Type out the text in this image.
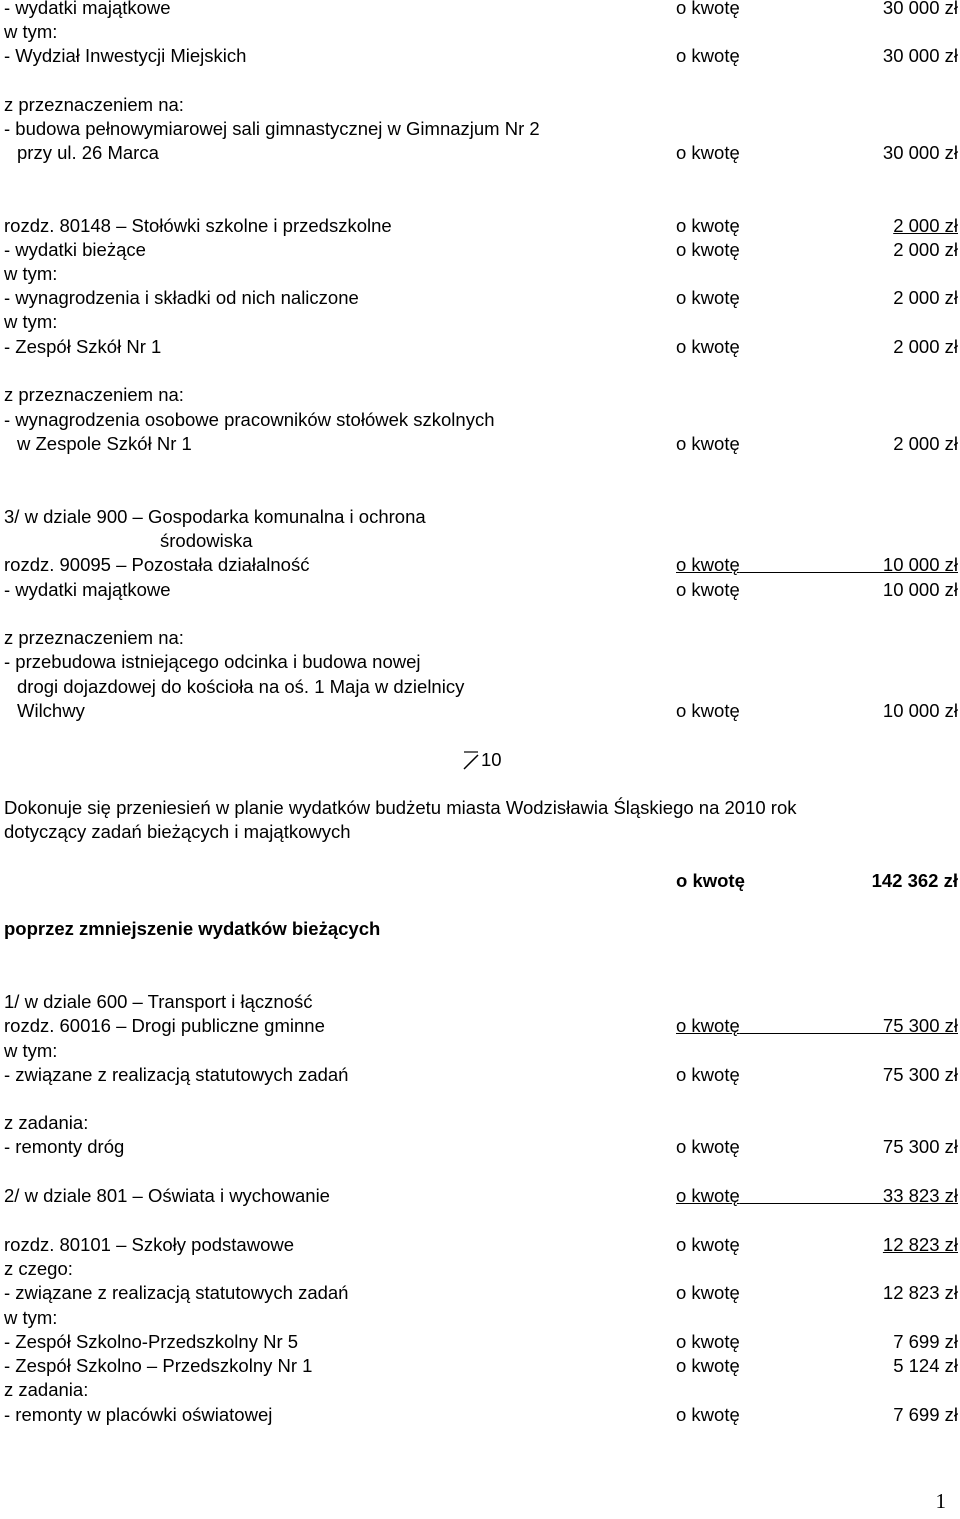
- wydatki majątkowe	o kwotę	30 000 zł
w tym:
- Wydział Inwestycji Miejskich	o kwotę	30 000 zł
z przeznaczeniem na:
- budowa pełnowymiarowej sali gimnastycznej w Gimnazjum Nr 2
przy ul. 26 Marca	o kwotę	30 000 zł
rozdz. 80148 ‒ Stołówki szkolne i przedszkolne	o kwotę	2 000 zł
- wydatki bieżące	o kwotę	2 000 zł
w tym:
- wynagrodzenia i składki od nich naliczone	o kwotę	2 000 zł
w tym:
- Zespół Szkół Nr 1	o kwotę	2 000 zł
z przeznaczeniem na:
- wynagrodzenia osobowe pracowników stołówek szkolnych
w Zespole Szkół Nr 1	o kwotę	2 000 zł
3/ w dziale 900 ‒ Gospodarka komunalna i ochrona
środowiska
rozdz. 90095 ‒ Pozostała działalność	o kwotę	10 000 zł
- wydatki majątkowe	o kwotę	10 000 zł
z przeznaczeniem na:
- przebudowa istniejącego odcinka i budowa nowej
drogi dojazdowej do kościoła na oś. 1 Maja w dzielnicy
Wilchwy	o kwotę	10 000 zł
10
Dokonuje się przeniesień w planie wydatków budżetu miasta Wodzisławia Śląskiego na 2010 rok
dotyczący zadań bieżących i majątkowych
o kwotę	142 362 zł
poprzez zmniejszenie wydatków bieżących
1/ w dziale 600 ‒ Transport i łączność
rozdz. 60016 ‒ Drogi publiczne gminne	o kwotę	75 300 zł
w tym:
- związane z realizacją statutowych zadań	o kwotę	75 300 zł
z zadania:
- remonty dróg	o kwotę	75 300 zł
2/ w dziale 801 ‒ Oświata i wychowanie	o kwotę	33 823 zł
rozdz. 80101 ‒ Szkoły podstawowe	o kwotę	12 823 zł
z czego:
- związane z realizacją statutowych zadań	o kwotę	12 823 zł
w tym:
- Zespół Szkolno-Przedszkolny Nr 5	o kwotę	7 699 zł
- Zespół Szkolno ‒ Przedszkolny Nr 1	o kwotę	5 124 zł
z zadania:
- remonty w placówki oświatowej	o kwotę	7 699 zł
1
